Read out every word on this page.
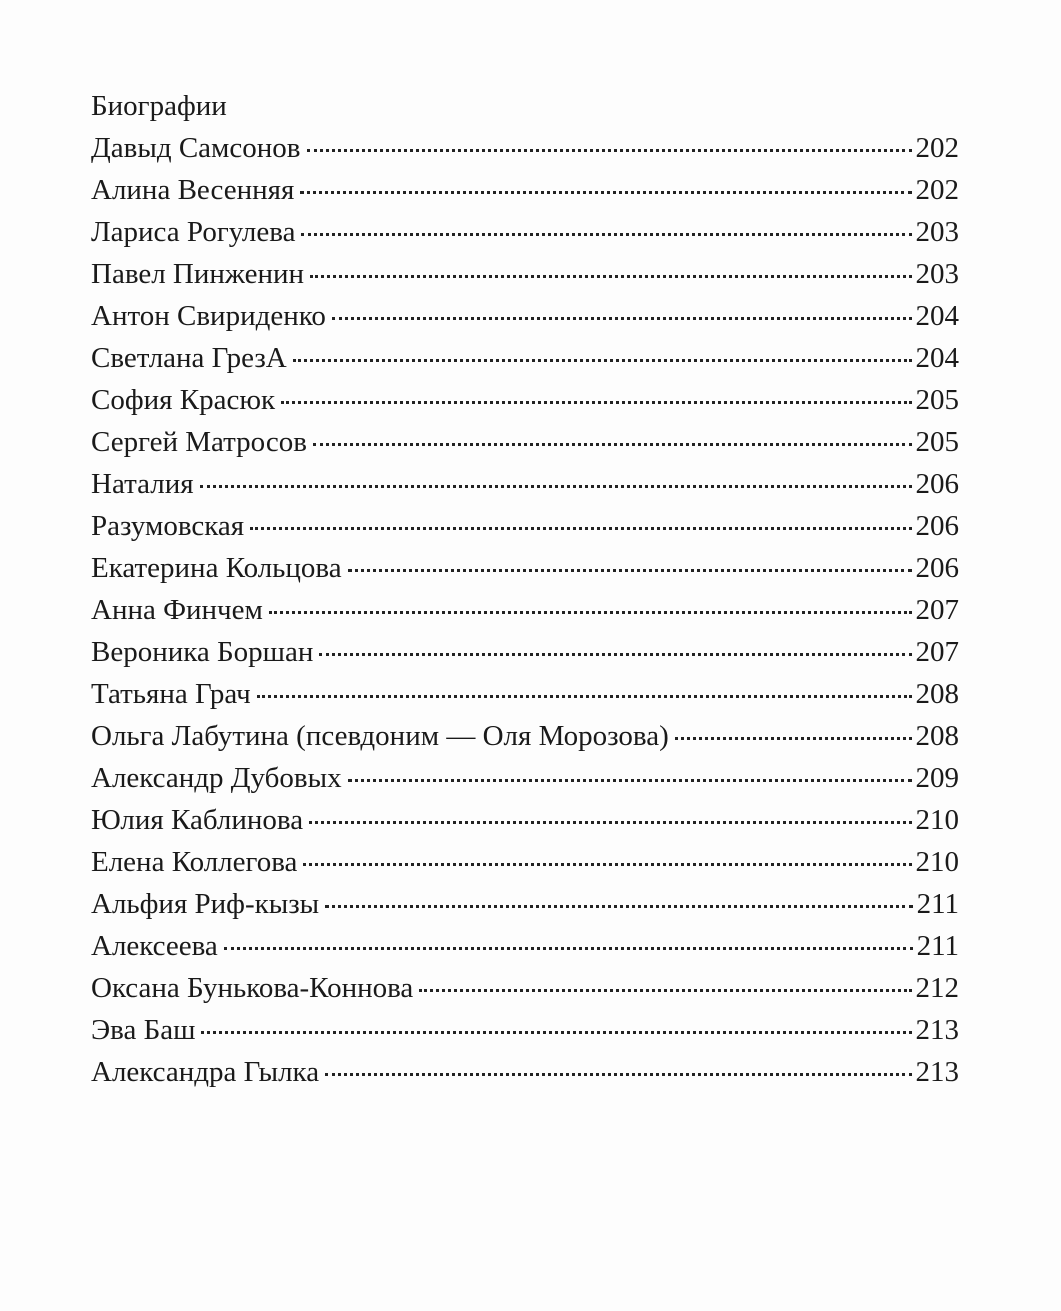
Биографии
Давыд Самсонов	202
Алина Весенняя	202
Лариса Рогулева	203
Павел Пинженин	203
Антон Свириденко	204
Светлана ГрезА	204
София Красюк	205
Сергей Матросов	205
Наталия	206
Разумовская	206
Екатерина Кольцова	206
Анна Финчем	207
Вероника Боршан	207
Татьяна Грач	208
Ольга Лабутина (псевдоним — Оля Морозова)	208
Александр Дубовых	209
Юлия Каблинова	210
Елена Коллегова	210
Альфия Риф-кызы	211
Алексеева	211
Оксана Бунькова-Коннова	212
Эва Баш	213
Александра Гылка	213
